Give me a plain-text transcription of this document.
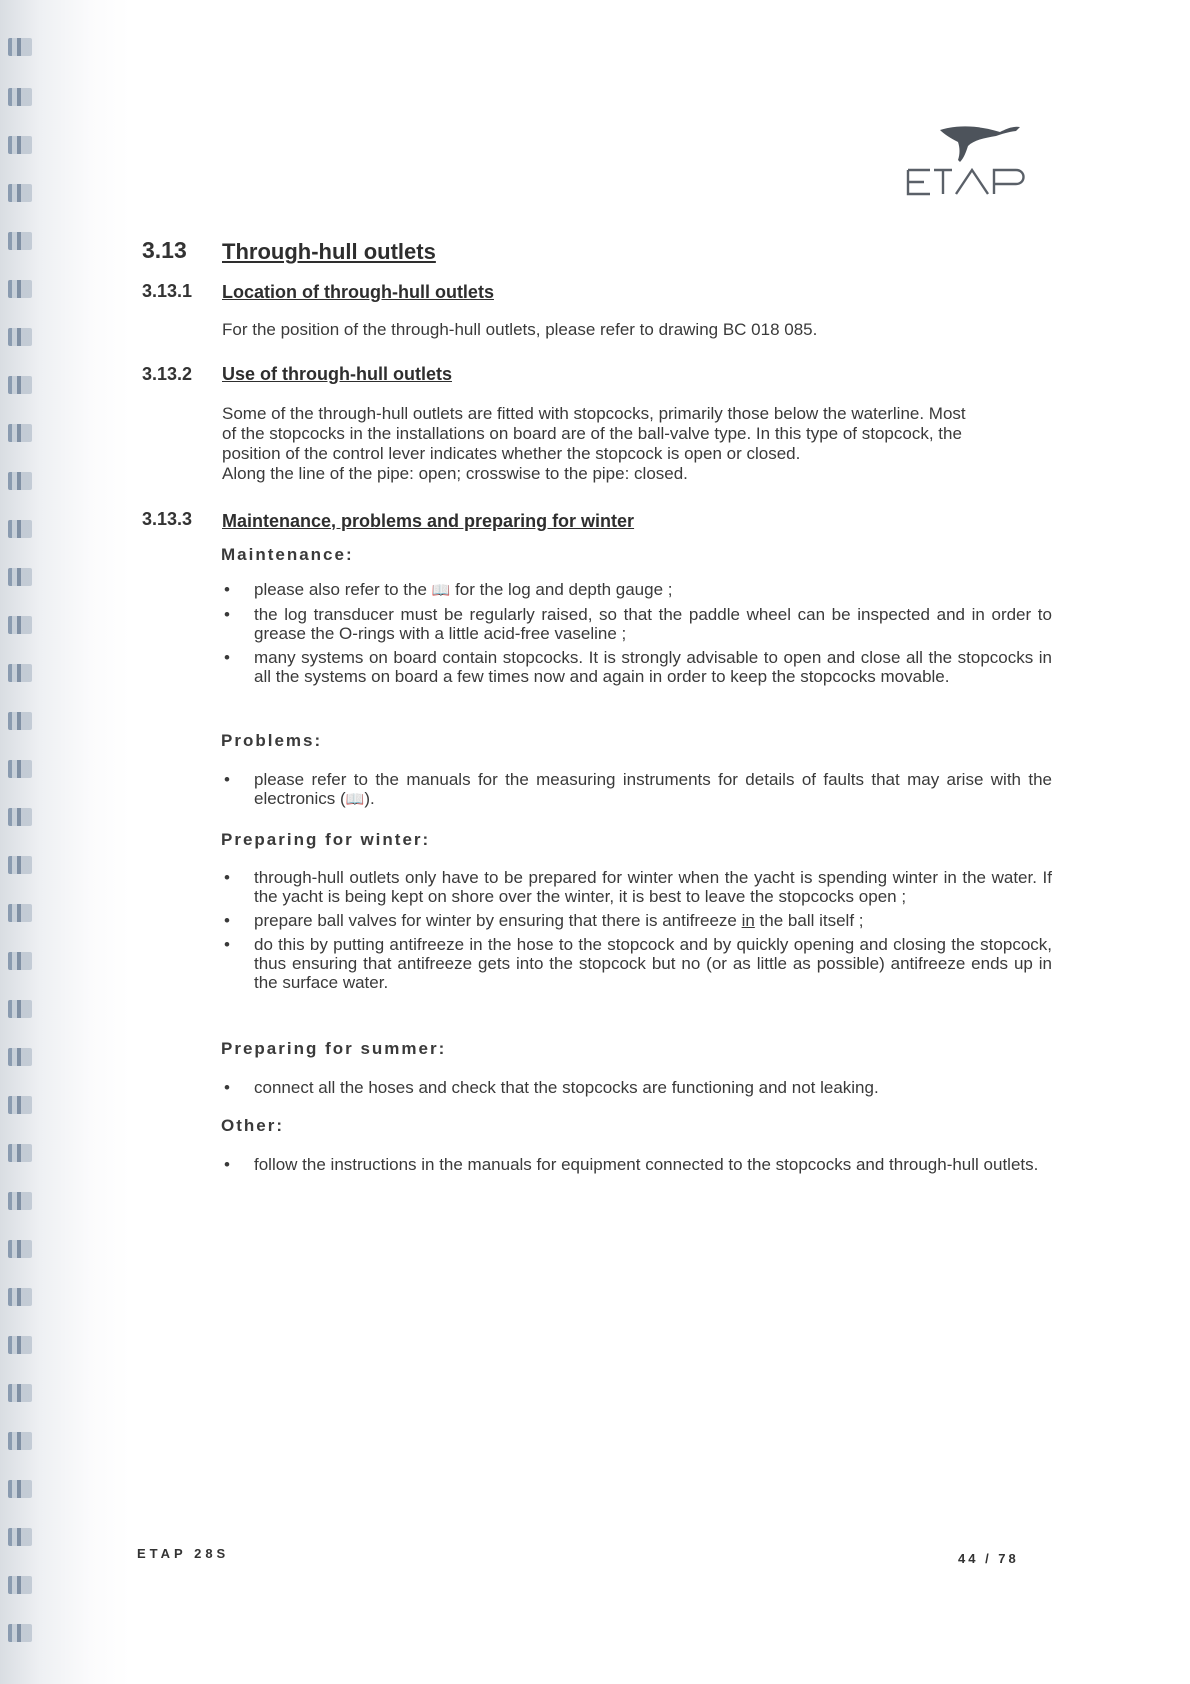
3.13 Through-hull outlets
3.13.1 Location of through-hull outlets
For the position of the through-hull outlets, please refer to drawing BC 018 085.
3.13.2 Use of through-hull outlets
Some of the through-hull outlets are fitted with stopcocks, primarily those below the waterline. Most
of the stopcocks in the installations on board are of the ball-valve type. In this type of stopcock, the
position of the control lever indicates whether the stopcock is open or closed.
Along the line of the pipe: open; crosswise to the pipe: closed.
3.13.3 Maintenance, problems and preparing for winter
Maintenance:
• please also refer to the 📖 for the log and depth gauge ;
• the log transducer must be regularly raised, so that the paddle wheel can be inspected and in order to grease the O-rings with a little acid-free vaseline ;
• many systems on board contain stopcocks. It is strongly advisable to open and close all the stopcocks in all the systems on board a few times now and again in order to keep the stopcocks movable.
Problems:
• please refer to the manuals for the measuring instruments for details of faults that may arise with the electronics (📖).
Preparing for winter:
• through-hull outlets only have to be prepared for winter when the yacht is spending winter in the water. If the yacht is being kept on shore over the winter, it is best to leave the stopcocks open ;
• prepare ball valves for winter by ensuring that there is antifreeze in the ball itself ;
• do this by putting antifreeze in the hose to the stopcock and by quickly opening and closing the stopcock, thus ensuring that antifreeze gets into the stopcock but no (or as little as possible) antifreeze ends up in the surface water.
Preparing for summer:
• connect all the hoses and check that the stopcocks are functioning and not leaking.
Other:
• follow the instructions in the manuals for equipment connected to the stopcocks and through-hull outlets.
ETAP 28S	44 / 78
